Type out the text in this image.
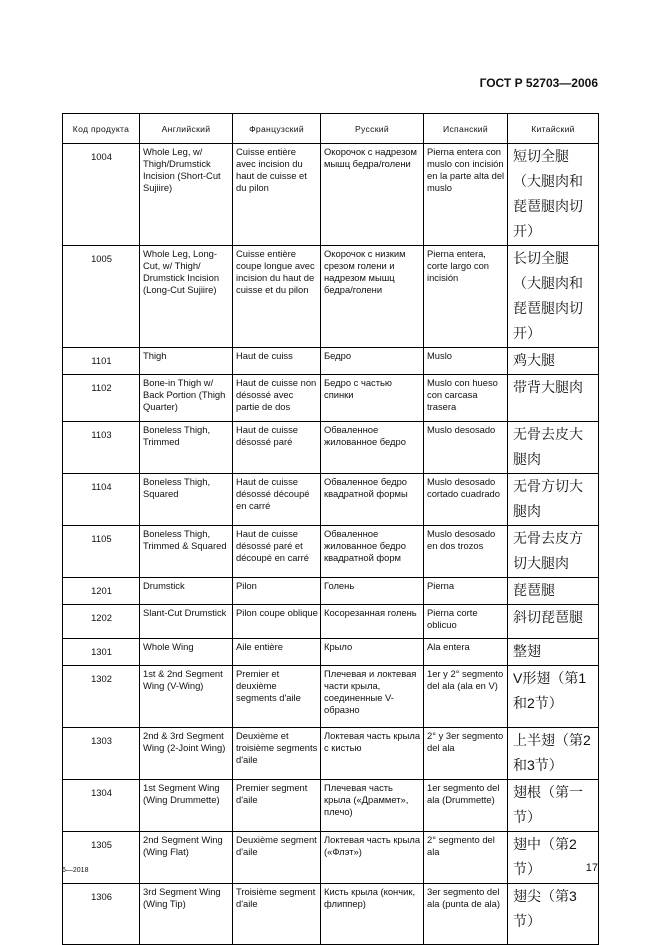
ГОСТ Р 52703—2006
Код продукта	Английский	Французский	Русский	Испанский	Китайский
1004	Whole Leg, w/ Thigh/Drumstick Incision (Short-Cut Sujiire)	Cuisse entière avec incision du haut de cuisse et du pilon	Окорочок с надрезом мышц бедра/голени	Pierna entera con muslo con incisión en la parte alta del muslo	短切全腿（大腿肉和琵琶腿肉切开）
1005	Whole Leg, Long-Cut, w/ Thigh/ Drumstick Incision (Long-Cut Sujiire)	Cuisse entière coupe longue avec incision du haut de cuisse et du pilon	Окорочок с низким срезом голени и надрезом мышц бедра/голени	Pierna entera, corte largo con incisión	长切全腿（大腿肉和琵琶腿肉切开）
1101	Thigh	Haut de cuiss	Бедро	Muslo	鸡大腿
1102	Bone-in Thigh w/ Back Portion (Thigh Quarter)	Haut de cuisse non désossé avec partie de dos	Бедро с частью спинки	Muslo con hueso con carcasa trasera	带背大腿肉
1103	Boneless Thigh, Trimmed	Haut de cuisse désossé paré	Обваленное жилованное бедро	Muslo desosado	无骨去皮大腿肉
1104	Boneless Thigh, Squared	Haut de cuisse désossé découpé en carré	Обваленное бедро квадратной формы	Muslo desosado cortado cuadrado	无骨方切大腿肉
1105	Boneless Thigh, Trimmed & Squared	Haut de cuisse désossé paré et découpé en carré	Обваленное жилованное бедро квадратной форм	Muslo desosado en dos trozos	无骨去皮方切大腿肉
1201	Drumstick	Pilon	Голень	Pierna	琵琶腿
1202	Slant-Cut Drumstick	Pilon coupe oblique	Косорезанная голень	Pierna corte oblicuo	斜切琵琶腿
1301	Whole Wing	Aile entière	Крыло	Ala entera	整翅
1302	1st & 2nd Segment Wing (V-Wing)	Premier et deuxième segments d'aile	Плечевая и локтевая части крыла, соединенные V-образно	1er y 2° segmento del ala (ala en V)	V形翅（第1和2节）
1303	2nd & 3rd Segment Wing (2-Joint Wing)	Deuxième et troisième segments d'aile	Локтевая часть крыла с кистью	2° y 3er segmento del ala	上半翅（第2和3节）
1304	1st Segment Wing (Wing Drummette)	Premier segment d'aile	Плечевая часть крыла («Драммет», плечо)	1er segmento del ala (Drummette)	翅根（第一节）
1305	2nd Segment Wing (Wing Flat)	Deuxième segment d'aile	Локтевая часть крыла («Флэт»)	2° segmento del ala	翅中（第2节）
1306	3rd Segment Wing (Wing Tip)	Troisième segment d'aile	Кисть крыла (кончик, флиппер)	3er segmento del ala (punta de ala)	翅尖（第3节）
6—2018	17
